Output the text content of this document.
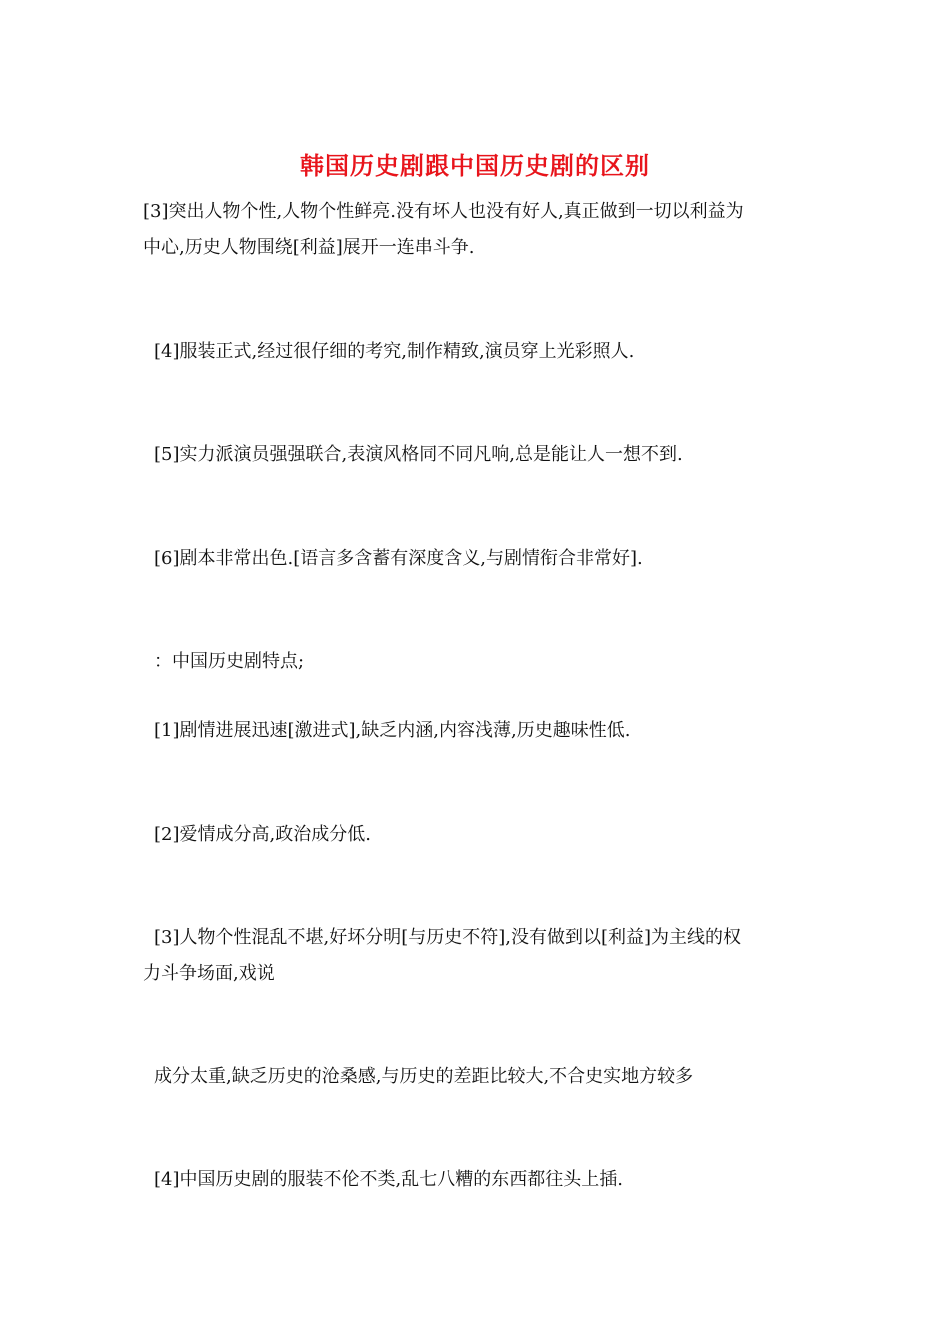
韩国历史剧跟中国历史剧的区别
[3]突出人物个性,人物个性鲜亮.没有坏人也没有好人,真正做到一切以利益为
中心,历史人物围绕[利益]展开一连串斗争.
[4]服装正式,经过很仔细的考究,制作精致,演员穿上光彩照人.
[5]实力派演员强强联合,表演风格同不同凡响,总是能让人一想不到.
[6]剧本非常出色.[语言多含蓄有深度含义,与剧情衔合非常好].
：中国历史剧特点;
[1]剧情进展迅速[激进式],缺乏内涵,内容浅薄,历史趣味性低.
[2]爱情成分高,政治成分低.
[3]人物个性混乱不堪,好坏分明[与历史不符],没有做到以[利益]为主线的权
力斗争场面,戏说
成分太重,缺乏历史的沧桑感,与历史的差距比较大,不合史实地方较多
[4]中国历史剧的服装不伦不类,乱七八糟的东西都往头上插.
